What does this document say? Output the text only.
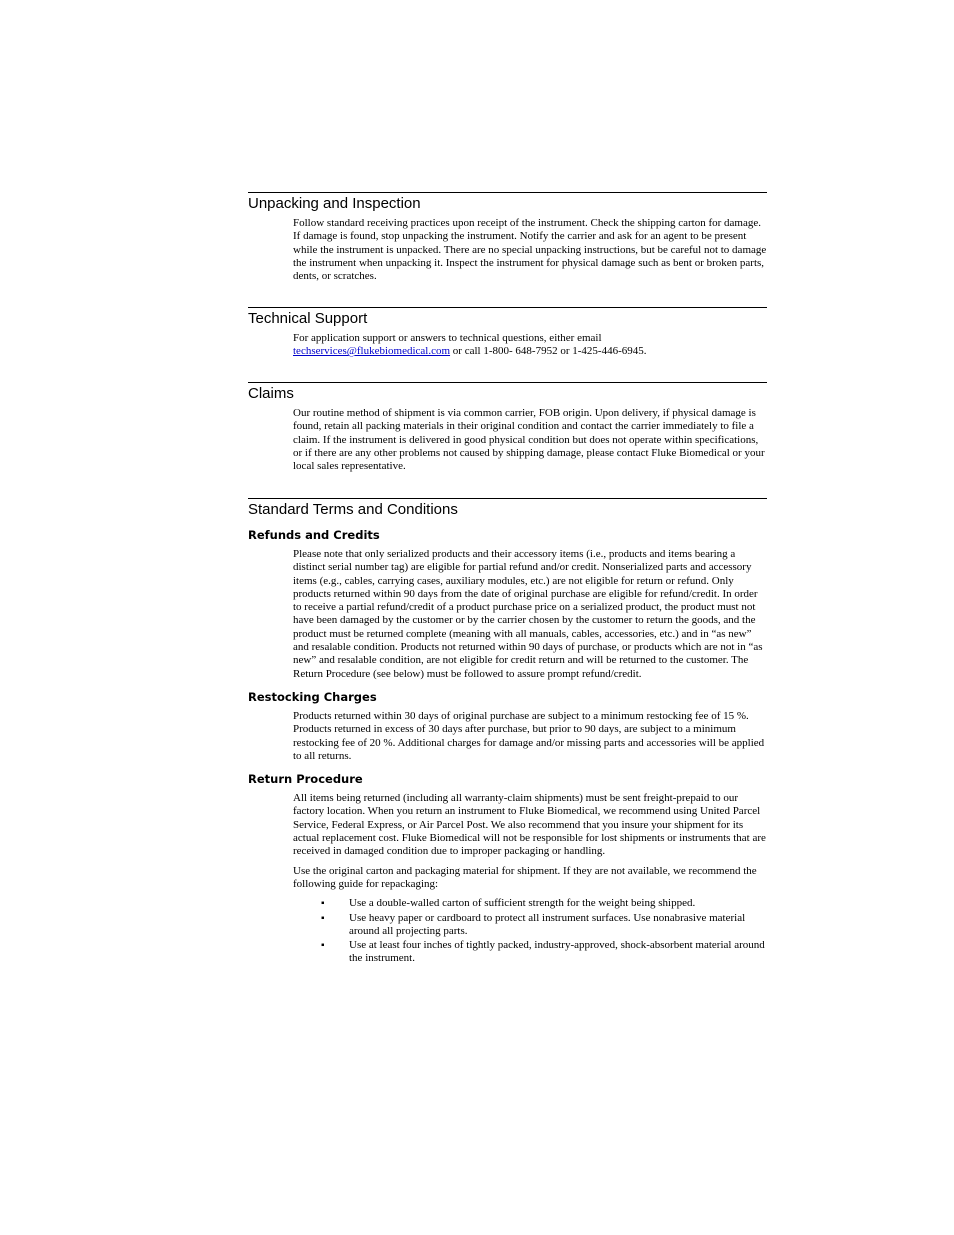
Unpacking and Inspection

Follow standard receiving practices upon receipt of the instrument. Check the shipping carton for damage. If damage is found, stop unpacking the instrument. Notify the carrier and ask for an agent to be present while the instrument is unpacked. There are no special unpacking instructions, but be careful not to damage the instrument when unpacking it. Inspect the instrument for physical damage such as bent or broken parts, dents, or scratches.

Technical Support

For application support or answers to technical questions, either email techservices@flukebiomedical.com or call 1-800- 648-7952 or 1-425-446-6945.

Claims

Our routine method of shipment is via common carrier, FOB origin. Upon delivery, if physical damage is found, retain all packing materials in their original condition and contact the carrier immediately to file a claim. If the instrument is delivered in good physical condition but does not operate within specifications, or if there are any other problems not caused by shipping damage, please contact Fluke Biomedical or your local sales representative.

Standard Terms and Conditions
Refunds and Credits

Please note that only serialized products and their accessory items (i.e., products and items bearing a distinct serial number tag) are eligible for partial refund and/or credit. Nonserialized parts and accessory items (e.g., cables, carrying cases, auxiliary modules, etc.) are not eligible for return or refund. Only products returned within 90 days from the date of original purchase are eligible for refund/credit. In order to receive a partial refund/credit of a product purchase price on a serialized product, the product must not have been damaged by the customer or by the carrier chosen by the customer to return the goods, and the product must be returned complete (meaning with all manuals, cables, accessories, etc.) and in “as new” and resalable condition. Products not returned within 90 days of purchase, or products which are not in “as new” and resalable condition, are not eligible for credit return and will be returned to the customer. The Return Procedure (see below) must be followed to assure prompt refund/credit.

Restocking Charges

Products returned within 30 days of original purchase are subject to a minimum restocking fee of 15 %. Products returned in excess of 30 days after purchase, but prior to 90 days, are subject to a minimum restocking fee of 20 %. Additional charges for damage and/or missing parts and accessories will be applied to all returns.

Return Procedure

All items being returned (including all warranty-claim shipments) must be sent freight-prepaid to our factory location. When you return an instrument to Fluke Biomedical, we recommend using United Parcel Service, Federal Express, or Air Parcel Post. We also recommend that you insure your shipment for its actual replacement cost. Fluke Biomedical will not be responsible for lost shipments or instruments that are received in damaged condition due to improper packaging or handling.

Use the original carton and packaging material for shipment. If they are not available, we recommend the following guide for repackaging:

▪ Use a double-walled carton of sufficient strength for the weight being shipped.
▪ Use heavy paper or cardboard to protect all instrument surfaces. Use nonabrasive material around all projecting parts.
▪ Use at least four inches of tightly packed, industry-approved, shock-absorbent material around the instrument.
